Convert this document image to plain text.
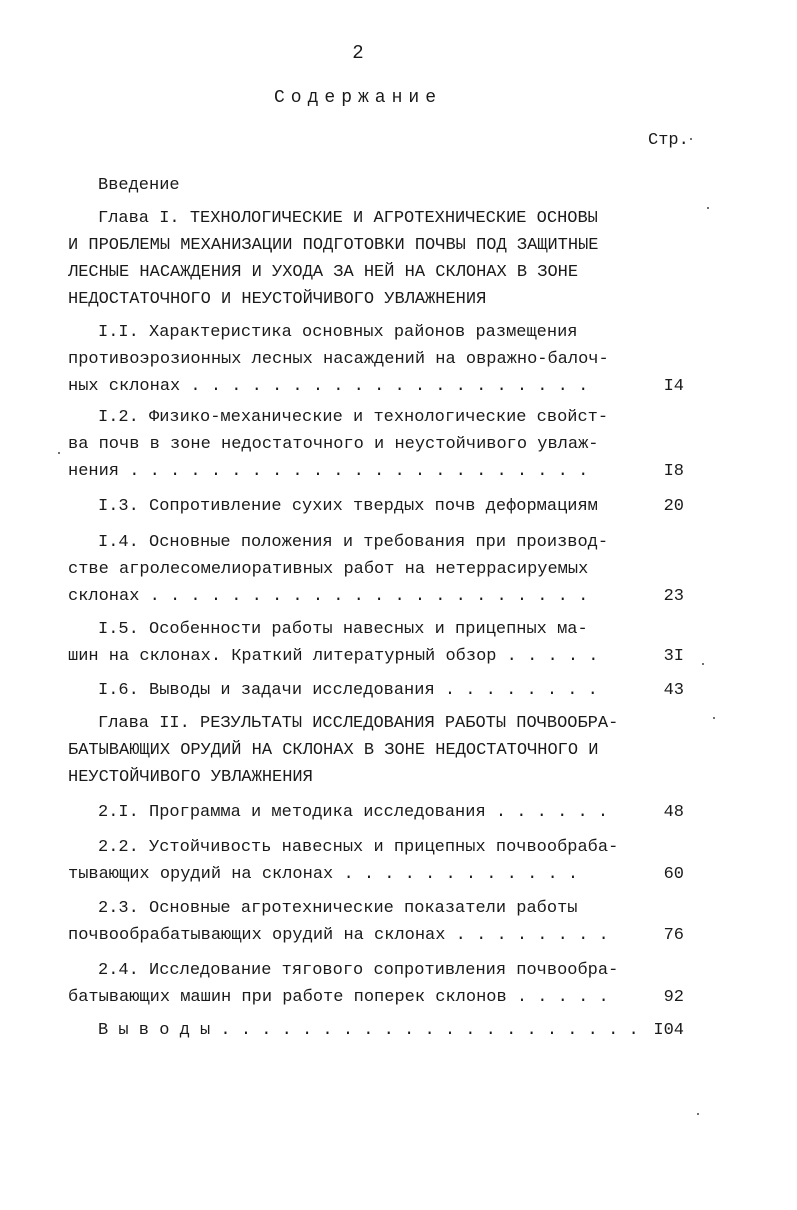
2
Содержание
Стр.
Введение
Глава I. ТЕХНОЛОГИЧЕСКИЕ И АГРОТЕХНИЧЕСКИЕ ОСНОВЫ
И ПРОБЛЕМЫ МЕХАНИЗАЦИИ ПОДГОТОВКИ ПОЧВЫ ПОД ЗАЩИТНЫЕ
ЛЕСНЫЕ НАСАЖДЕНИЯ И УХОДА ЗА НЕЙ НА СКЛОНАХ В ЗОНЕ
НЕДОСТАТОЧНОГО И НЕУСТОЙЧИВОГО УВЛАЖНЕНИЯ
I.I. Характеристика основных районов размещения
противоэрозионных лесных насаждений на овражно-балоч-
ных склонах . . . . . . . . . . . . . . . . . . . .	I4
I.2. Физико-механические и технологические свойст-
ва почв в зоне недостаточного и неустойчивого увлаж-
нения . . . . . . . . . . . . . . . . . . . . . . .	I8
I.3. Сопротивление сухих твердых почв деформациям	20
I.4. Основные положения и требования при производ-
стве агролесомелиоративных работ на нетеррасируемых
склонах . . . . . . . . . . . . . . . . . . . . . .	23
I.5. Особенности работы навесных и прицепных ма-
шин на склонах. Краткий литературный обзор . . . . .	3I
I.6. Выводы и задачи исследования . . . . . . . .	43
Глава II. РЕЗУЛЬТАТЫ ИССЛЕДОВАНИЯ РАБОТЫ ПОЧВООБРА-
БАТЫВАЮЩИХ ОРУДИЙ НА СКЛОНАХ В ЗОНЕ НЕДОСТАТОЧНОГО И
НЕУСТОЙЧИВОГО УВЛАЖНЕНИЯ
2.I. Программа и методика исследования . . . . . .	48
2.2. Устойчивость навесных и прицепных почвообраба-
тывающих орудий на склонах . . . . . . . . . . . .	60
2.3. Основные агротехнические показатели работы
почвообрабатывающих орудий на склонах . . . . . . . .	76
2.4. Исследование тягового сопротивления почвообра-
батывающих машин при работе поперек склонов . . . . .	92
В ы в о д ы . . . . . . . . . . . . . . . . . . . . . I04
